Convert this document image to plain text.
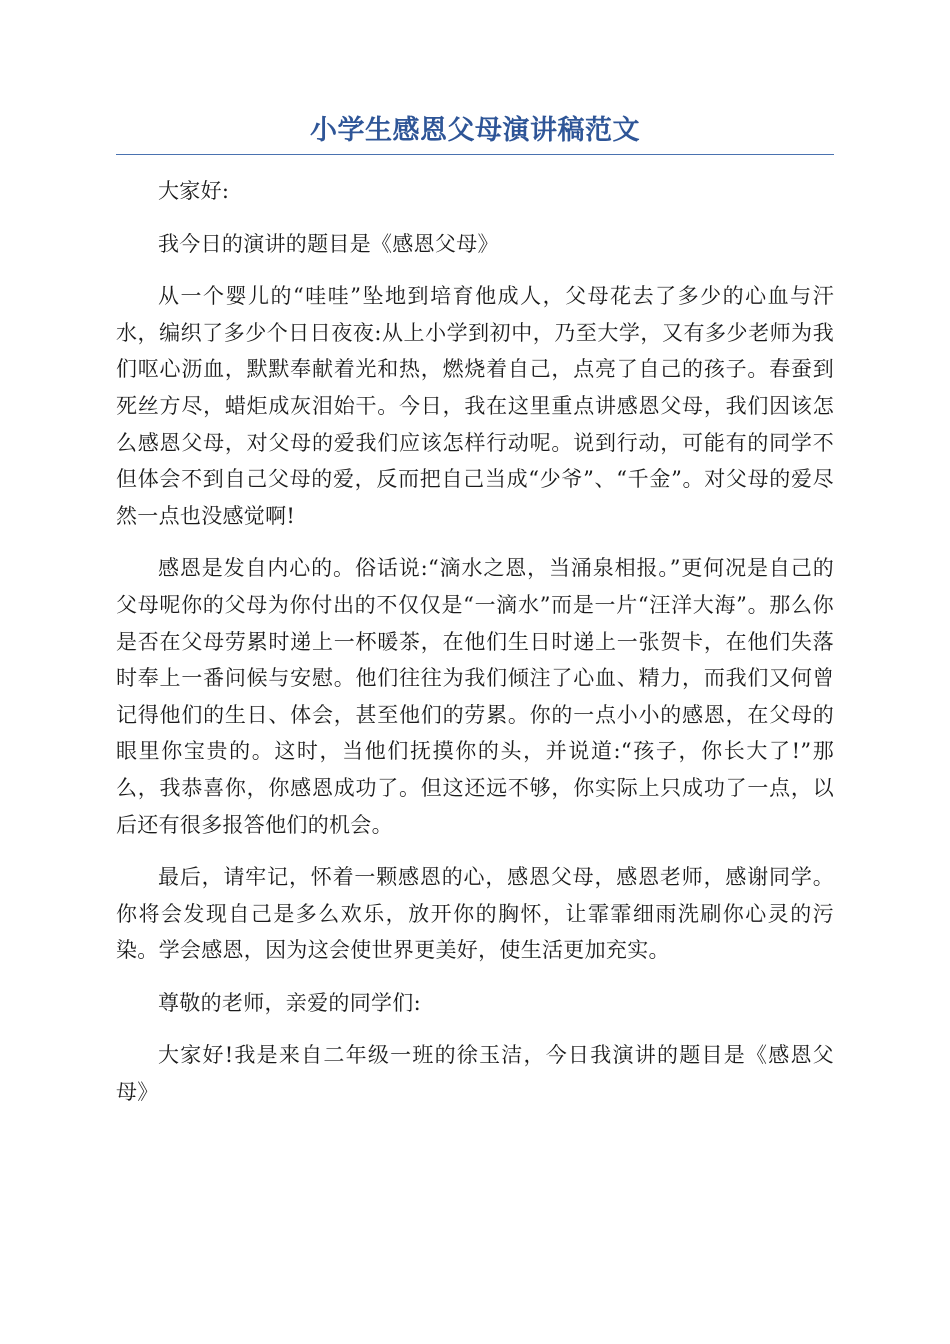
小学生感恩父母演讲稿范文

大家好:

我今日的演讲的题目是《感恩父母》

从一个婴儿的“哇哇”坠地到培育他成人，父母花去了多少的心血与汗水，编织了多少个日日夜夜:从上小学到初中，乃至大学，又有多少老师为我们呕心沥血，默默奉献着光和热，燃烧着自己，点亮了自己的孩子。春蚕到死丝方尽，蜡炬成灰泪始干。今日，我在这里重点讲感恩父母，我们因该怎么感恩父母，对父母的爱我们应该怎样行动呢。说到行动，可能有的同学不但体会不到自己父母的爱，反而把自己当成“少爷”、“千金”。对父母的爱尽然一点也没感觉啊!

感恩是发自内心的。俗话说:“滴水之恩，当涌泉相报。”更何况是自己的父母呢你的父母为你付出的不仅仅是“一滴水”而是一片“汪洋大海”。那么你是否在父母劳累时递上一杯暖茶，在他们生日时递上一张贺卡，在他们失落时奉上一番问候与安慰。他们往往为我们倾注了心血、精力，而我们又何曾记得他们的生日、体会，甚至他们的劳累。你的一点小小的感恩，在父母的眼里你宝贵的。这时，当他们抚摸你的头，并说道:“孩子，你长大了!”那么，我恭喜你，你感恩成功了。但这还远不够，你实际上只成功了一点，以后还有很多报答他们的机会。

最后，请牢记，怀着一颗感恩的心，感恩父母，感恩老师，感谢同学。你将会发现自己是多么欢乐，放开你的胸怀，让霏霏细雨洗刷你心灵的污染。学会感恩，因为这会使世界更美好，使生活更加充实。

尊敬的老师，亲爱的同学们:

大家好!我是来自二年级一班的徐玉洁，今日我演讲的题目是《感恩父母》
